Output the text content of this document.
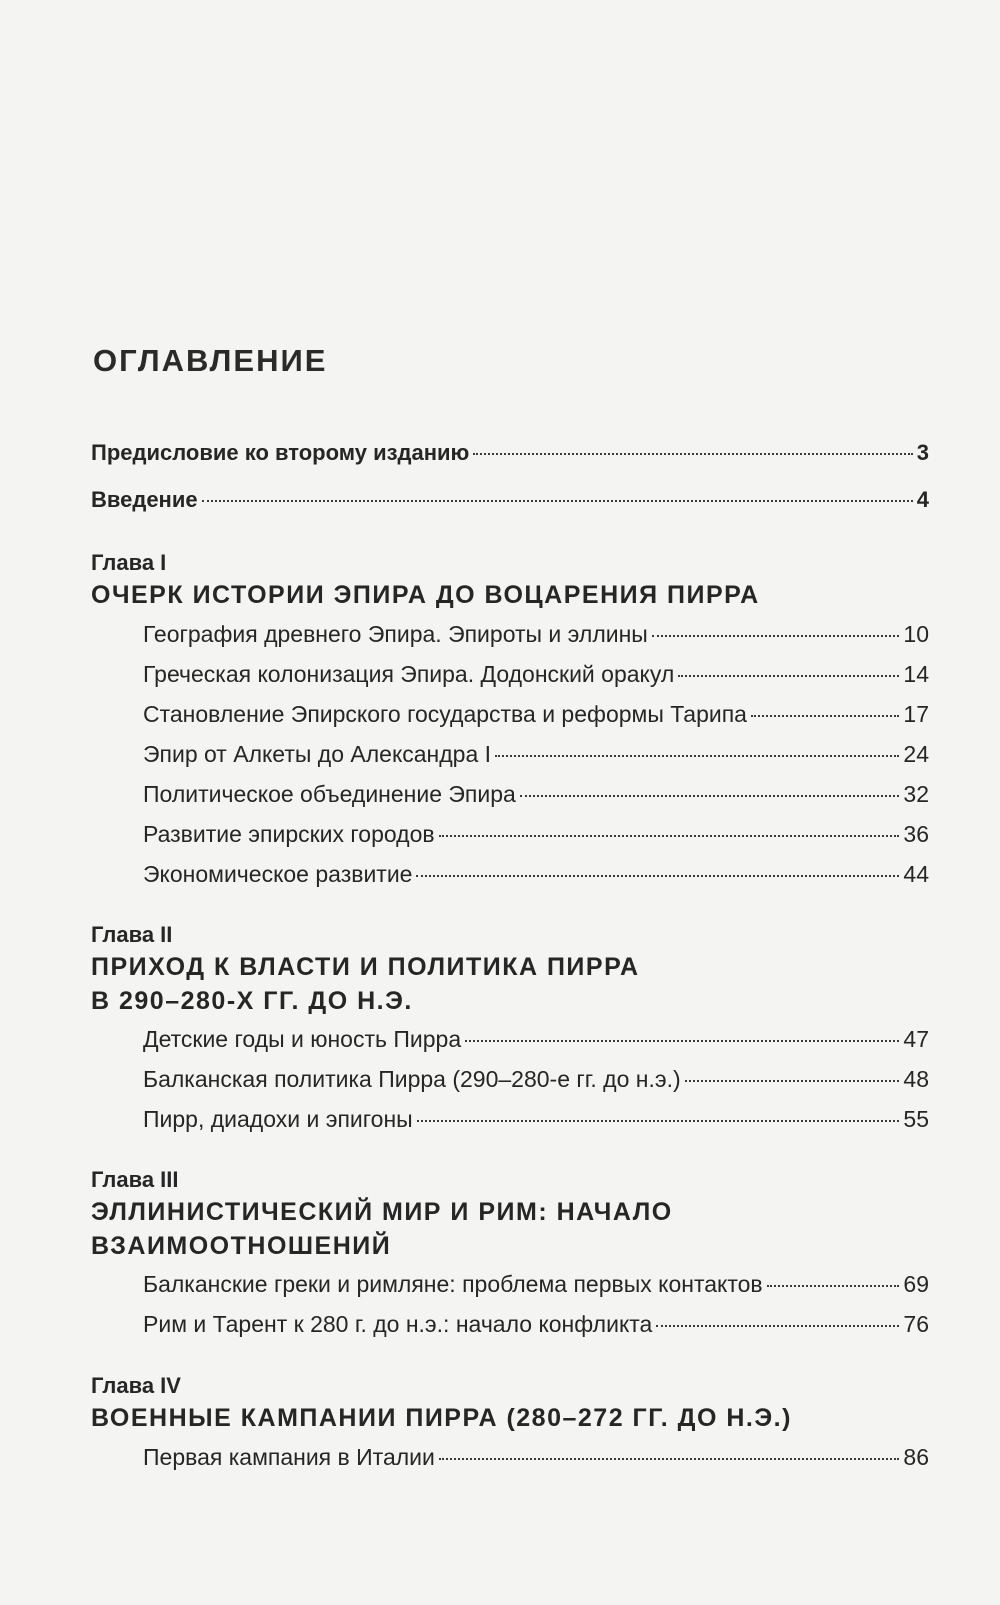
ОГЛАВЛЕНИЕ
Предисловие ко второму изданию	3
Введение	4
Глава I
ОЧЕРК ИСТОРИИ ЭПИРА ДО ВОЦАРЕНИЯ ПИРРА
География древнего Эпира. Эпироты и эллины	10
Греческая колонизация Эпира. Додонский оракул	14
Становление Эпирского государства и реформы Тарипа	17
Эпир от Алкеты до Александра I	24
Политическое объединение Эпира	32
Развитие эпирских городов	36
Экономическое развитие	44
Глава II
ПРИХОД К ВЛАСТИ И ПОЛИТИКА ПИРРА
В 290–280-Х ГГ. ДО Н.Э.
Детские годы и юность Пирра	47
Балканская политика Пирра (290–280-е гг. до н.э.)	48
Пирр, диадохи и эпигоны	55
Глава III
ЭЛЛИНИСТИЧЕСКИЙ МИР И РИМ: НАЧАЛО
ВЗАИМООТНОШЕНИЙ
Балканские греки и римляне: проблема первых контактов	69
Рим и Тарент к 280 г. до н.э.: начало конфликта	76
Глава IV
ВОЕННЫЕ КАМПАНИИ ПИРРА (280–272 ГГ. ДО Н.Э.)
Первая кампания в Италии	86
